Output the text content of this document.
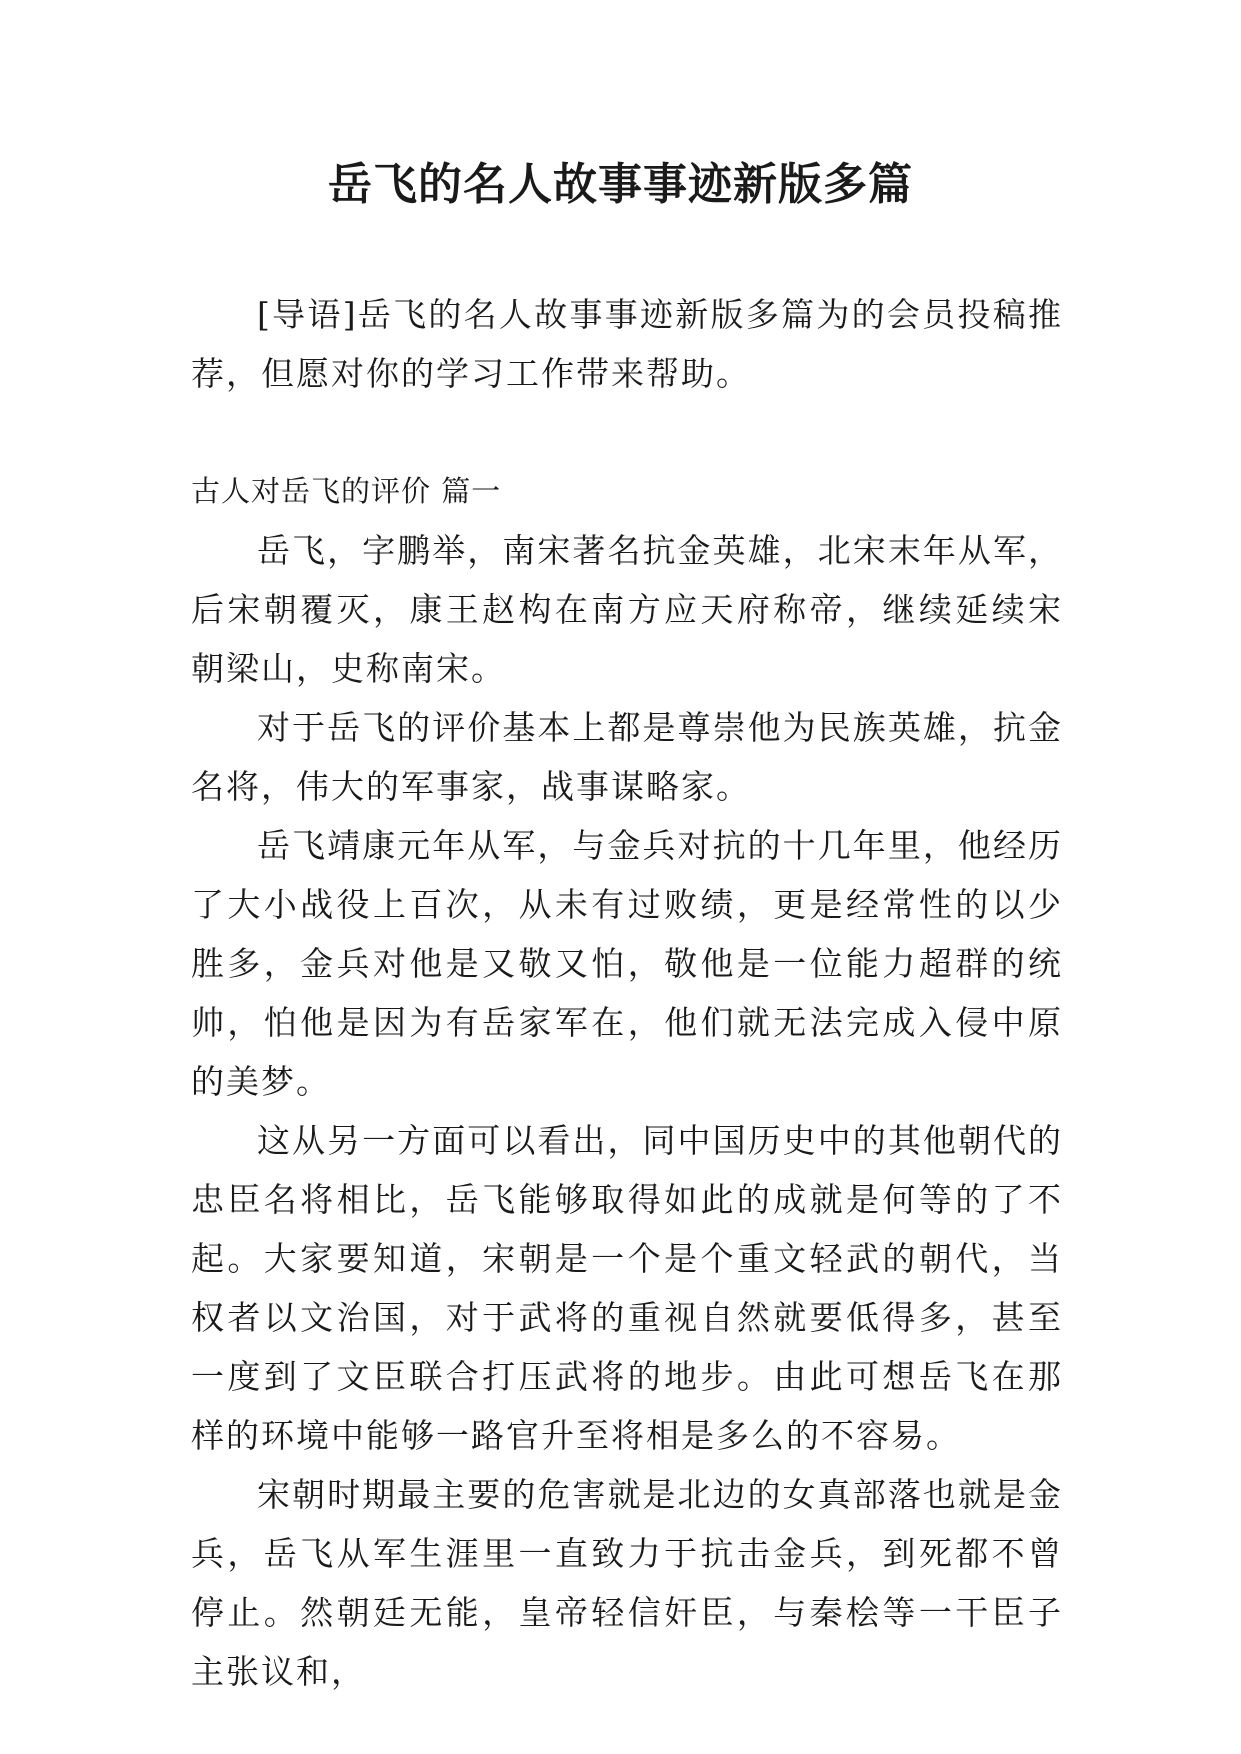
岳飞的名人故事事迹新版多篇

[导语]岳飞的名人故事事迹新版多篇为的会员投稿推荐，但愿对你的学习工作带来帮助。

古人对岳飞的评价 篇一

岳飞，字鹏举，南宋著名抗金英雄，北宋末年从军，后宋朝覆灭，康王赵构在南方应天府称帝，继续延续宋朝梁山，史称南宋。

对于岳飞的评价基本上都是尊崇他为民族英雄，抗金名将，伟大的军事家，战事谋略家。

岳飞靖康元年从军，与金兵对抗的十几年里，他经历了大小战役上百次，从未有过败绩，更是经常性的以少胜多，金兵对他是又敬又怕，敬他是一位能力超群的统帅，怕他是因为有岳家军在，他们就无法完成入侵中原的美梦。

这从另一方面可以看出，同中国历史中的其他朝代的忠臣名将相比，岳飞能够取得如此的成就是何等的了不起。大家要知道，宋朝是一个是个重文轻武的朝代，当权者以文治国，对于武将的重视自然就要低得多，甚至一度到了文臣联合打压武将的地步。由此可想岳飞在那样的环境中能够一路官升至将相是多么的不容易。

宋朝时期最主要的危害就是北边的女真部落也就是金兵，岳飞从军生涯里一直致力于抗击金兵，到死都不曾停止。然朝廷无能，皇帝轻信奸臣，与秦桧等一干臣子主张议和，
